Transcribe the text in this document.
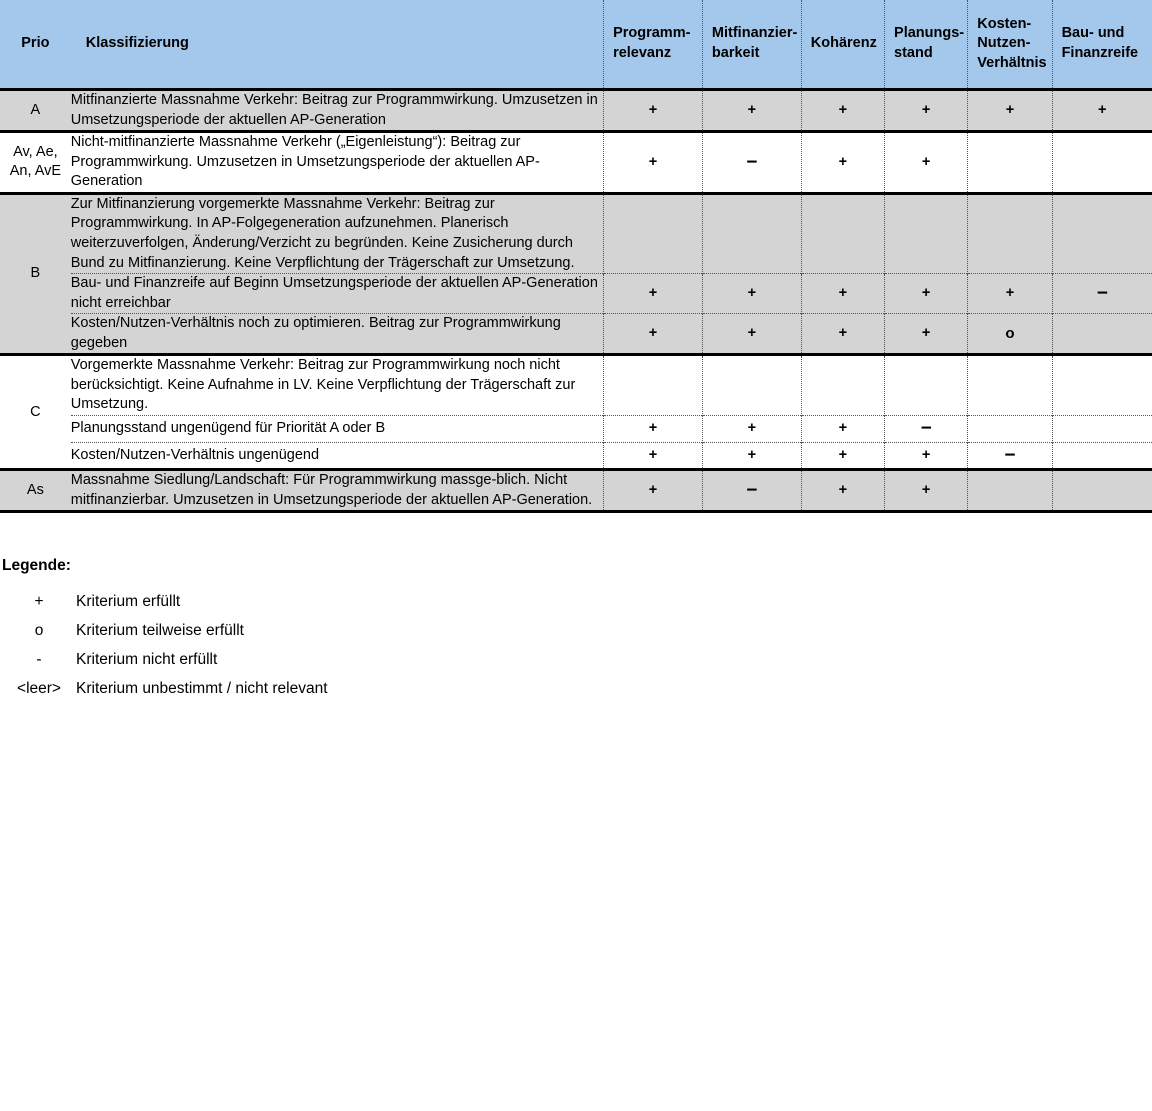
Prio	Klassifizierung	Programm-
relevanz	Mitfinanzier-
barkeit	Kohärenz	Planungs-
stand	Kosten-
Nutzen-
Verhältnis	Bau- und
Finanzreife
A	Mitfinanzierte Massnahme Verkehr: Beitrag zur Programmwirkung. Umzusetzen in Umsetzungsperiode der aktuellen AP-Generation	+	+	+	+	+	+
Av, Ae,
An, AvE	Nicht-mitfinanzierte Massnahme Verkehr („Eigenleistung“): Beitrag zur Programmwirkung. Umzusetzen in Umsetzungsperiode der aktuellen AP-Generation	+	−	+	+		
B	Zur Mitfinanzierung vorgemerkte Massnahme Verkehr: Beitrag zur Programmwirkung. In AP-Folgegeneration aufzunehmen. Planerisch weiterzuverfolgen, Änderung/Verzicht zu begründen. Keine Zusicherung durch Bund zu Mitfinanzierung. Keine Verpflichtung der Trägerschaft zur Umsetzung.						
	Bau- und Finanzreife auf Beginn Umsetzungsperiode der aktuellen AP-Generation nicht erreichbar	+	+	+	+	+	−
	Kosten/Nutzen-Verhältnis noch zu optimieren. Beitrag zur Programmwirkung gegeben	+	+	+	+	o	
C	Vorgemerkte Massnahme Verkehr: Beitrag zur Programmwirkung noch nicht berücksichtigt. Keine Aufnahme in LV. Keine Verpflichtung der Trägerschaft zur Umsetzung.						
	Planungsstand ungenügend für Priorität A oder B	+	+	+	−		
	Kosten/Nutzen-Verhältnis ungenügend	+	+	+	+	−	
As	Massnahme Siedlung/Landschaft: Für Programmwirkung massge-blich. Nicht mitfinanzierbar. Umzusetzen in Umsetzungsperiode der aktuellen AP-Generation.	+	−	+	+		
Legende:
+	Kriterium erfüllt
o	Kriterium teilweise erfüllt
-	Kriterium nicht erfüllt
<leer> Kriterium unbestimmt / nicht relevant
